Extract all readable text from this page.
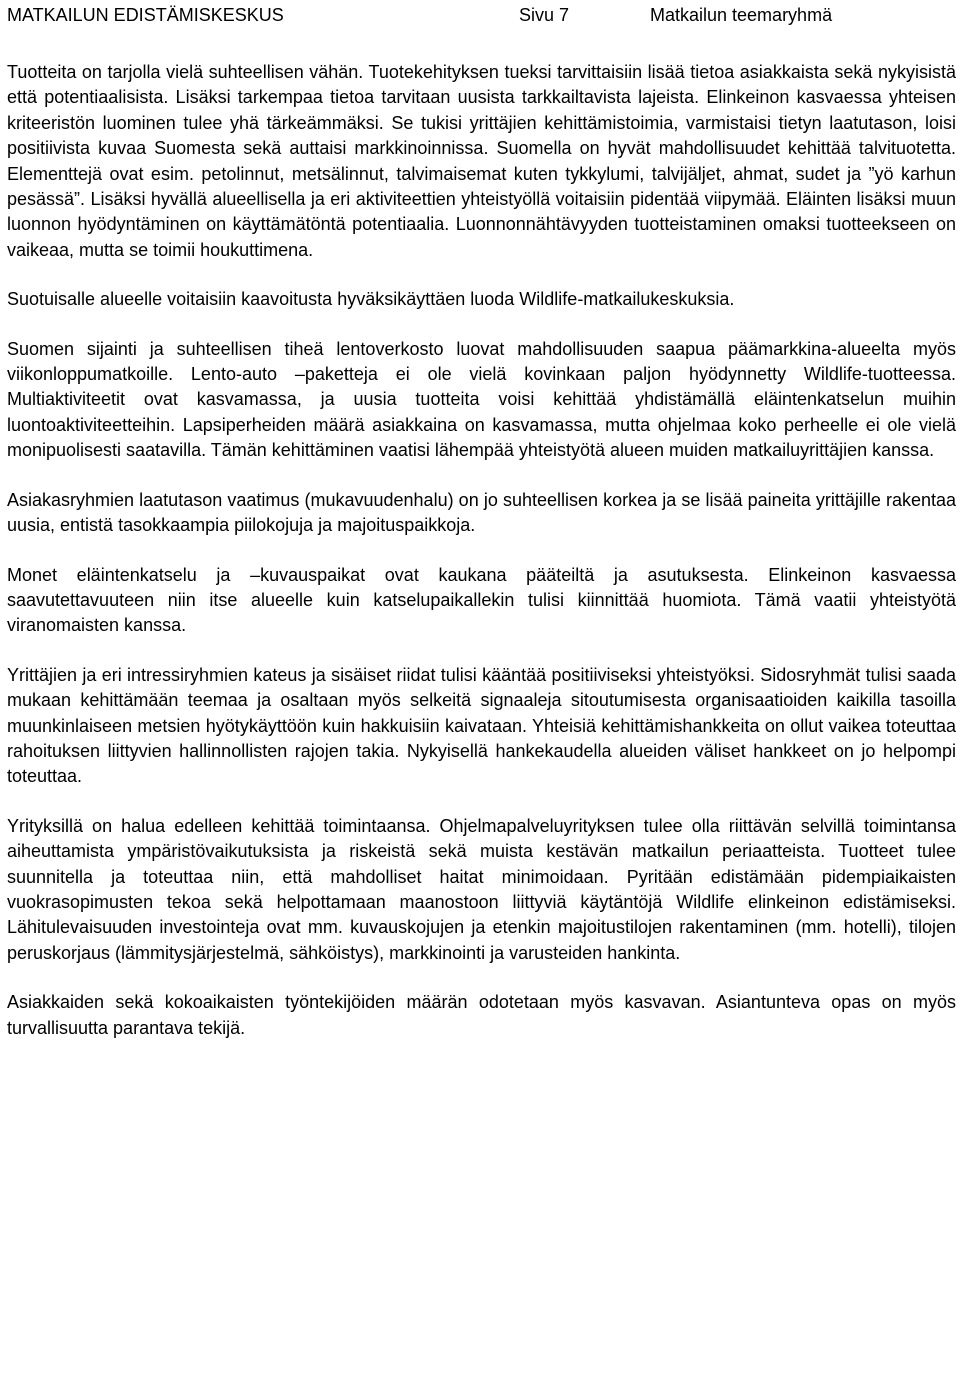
MATKAILUN EDISTÄMISKESKUS	Sivu 7	Matkailun teemaryhmä

Tuotteita on tarjolla vielä suhteellisen vähän. Tuotekehityksen tueksi tarvittaisiin lisää tietoa asiakkaista sekä nykyisistä että potentiaalisista. Lisäksi tarkempaa tietoa tarvitaan uusista tarkkailtavista lajeista. Elinkeinon kasvaessa yhteisen kriteeristön luominen tulee yhä tärkeämmäksi. Se tukisi yrittäjien kehittämistoimia, varmistaisi tietyn laatutason, loisi positiivista kuvaa Suomesta sekä auttaisi markkinoinnissa. Suomella on hyvät mahdollisuudet kehittää talvituotetta. Elementtejä ovat esim. petolinnut, metsälinnut, talvimaisemat kuten tykkylumi, talvijäljet, ahmat, sudet ja ”yö karhun pesässä”. Lisäksi hyvällä alueellisella ja eri aktiviteettien yhteistyöllä voitaisiin pidentää viipymää. Eläinten lisäksi muun luonnon hyödyntäminen on käyttämätöntä potentiaalia. Luonnonnähtävyyden tuotteistaminen omaksi tuotteekseen on vaikeaa, mutta se toimii houkuttimena.

Suotuisalle alueelle voitaisiin kaavoitusta hyväksikäyttäen luoda Wildlife-matkailukeskuksia.

Suomen sijainti ja suhteellisen tiheä lentoverkosto luovat mahdollisuuden saapua päämarkkina-alueelta myös viikonloppumatkoille. Lento-auto –paketteja ei ole vielä kovinkaan paljon hyödynnetty Wildlife-tuotteessa. Multiaktiviteetit ovat kasvamassa, ja uusia tuotteita voisi kehittää yhdistämällä eläintenkatselun muihin luontoaktiviteetteihin. Lapsiperheiden määrä asiakkaina on kasvamassa, mutta ohjelmaa koko perheelle ei ole vielä monipuolisesti saatavilla. Tämän kehittäminen vaatisi lähempää yhteistyötä alueen muiden matkailuyrittäjien kanssa.

Asiakasryhmien laatutason vaatimus (mukavuudenhalu) on jo suhteellisen korkea ja se lisää paineita yrittäjille rakentaa uusia, entistä tasokkaampia piilokojuja ja majoituspaikkoja.

Monet eläintenkatselu ja –kuvauspaikat ovat kaukana pääteiltä ja asutuksesta. Elinkeinon kasvaessa saavutettavuuteen niin itse alueelle kuin katselupaikallekin tulisi kiinnittää huomiota. Tämä vaatii yhteistyötä viranomaisten kanssa.

Yrittäjien ja eri intressiryhmien kateus ja sisäiset riidat tulisi kääntää positiiviseksi yhteistyöksi. Sidosryhmät tulisi saada mukaan kehittämään teemaa ja osaltaan myös selkeitä signaaleja sitoutumisesta organisaatioiden kaikilla tasoilla muunkinlaiseen metsien hyötykäyttöön kuin hakkuisiin kaivataan. Yhteisiä kehittämishankkeita on ollut vaikea toteuttaa rahoituksen liittyvien hallinnollisten rajojen takia. Nykyisellä hankekaudella alueiden väliset hankkeet on jo helpompi toteuttaa.

Yrityksillä on halua edelleen kehittää toimintaansa. Ohjelmapalveluyrityksen tulee olla riittävän selvillä toimintansa aiheuttamista ympäristövaikutuksista ja riskeistä sekä muista kestävän matkailun periaatteista. Tuotteet tulee suunnitella ja toteuttaa niin, että mahdolliset haitat minimoidaan. Pyritään edistämään pidempiaikaisten vuokrasopimusten tekoa sekä helpottamaan maanostoon liittyviä käytäntöjä Wildlife elinkeinon edistämiseksi. Lähitulevaisuuden investointeja ovat mm. kuvauskojujen ja etenkin majoitustilojen rakentaminen (mm. hotelli), tilojen peruskorjaus (lämmitysjärjestelmä, sähköistys), markkinointi ja varusteiden hankinta.

Asiakkaiden sekä kokoaikaisten työntekijöiden määrän odotetaan myös kasvavan. Asiantunteva opas on myös turvallisuutta parantava tekijä.
